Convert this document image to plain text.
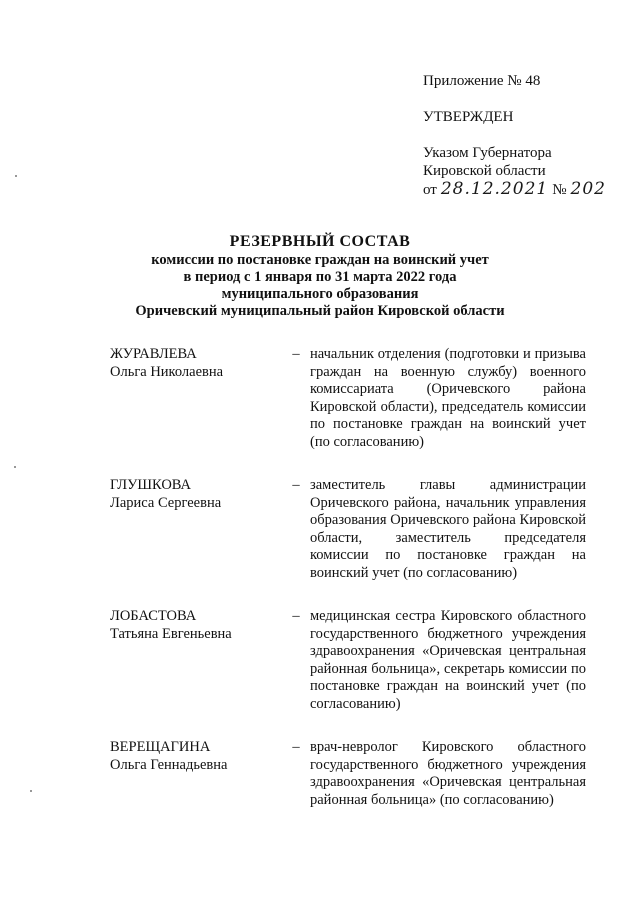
Приложение № 48
УТВЕРЖДЕН
Указом Губернатора
Кировской области
от 28.12.2021 № 202
РЕЗЕРВНЫЙ СОСТАВ
комиссии по постановке граждан на воинский учет
в период с 1 января по 31 марта 2022 года
муниципального образования
Оричевский муниципальный район Кировской области
ЖУРАВЛЕВА
Ольга Николаевна
– начальник отделения (подготовки и призыва граждан на военную службу) военного комиссариата (Оричевского района Кировской области), председатель комиссии по постановке граждан на воинский учет (по согласованию)
ГЛУШКОВА
Лариса Сергеевна
– заместитель главы администрации Оричевского района, начальник управления образования Оричевского района Кировской области, заместитель председателя комиссии по постановке граждан на воинский учет (по согласованию)
ЛОБАСТОВА
Татьяна Евгеньевна
– медицинская сестра Кировского областного государственного бюджетного учреждения здравоохранения «Оричевская центральная районная больница», секретарь комиссии по постановке граждан на воинский учет (по согласованию)
ВЕРЕЩАГИНА
Ольга Геннадьевна
– врач-невролог Кировского областного государственного бюджетного учреждения здравоохранения «Оричевская центральная районная больница» (по согласованию)
